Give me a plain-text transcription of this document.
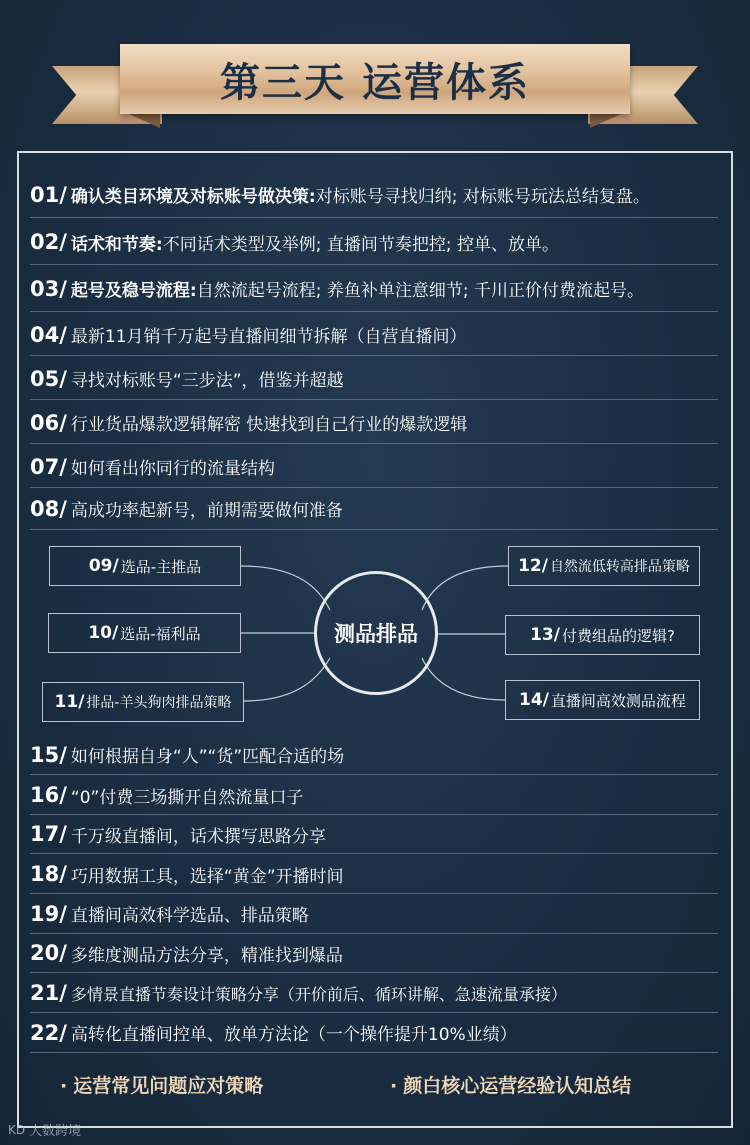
第三天 运营体系
01/ 确认类目环境及对标账号做决策: 对标账号寻找归纳; 对标账号玩法总结复盘。
02/ 话术和节奏: 不同话术类型及举例; 直播间节奏把控; 控单、放单。
03/ 起号及稳号流程: 自然流起号流程; 养鱼补单注意细节; 千川正价付费流起号。
04/ 最新11月销千万起号直播间细节拆解（自营直播间）
05/ 寻找对标账号“三步法”，借鉴并超越
06/ 行业货品爆款逻辑解密 快速找到自己行业的爆款逻辑
07/ 如何看出你同行的流量结构
08/ 高成功率起新号，前期需要做何准备
09/ 选品-主推品
10/ 选品-福利品
11/ 排品-羊头狗肉排品策略
测品排品
12/ 自然流低转高排品策略
13/ 付费组品的逻辑?
14/ 直播间高效测品流程
15/ 如何根据自身“人”“货”匹配合适的场
16/ “0”付费三场撕开自然流量口子
17/ 千万级直播间，话术撰写思路分享
18/ 巧用数据工具，选择“黄金”开播时间
19/ 直播间高效科学选品、排品策略
20/ 多维度测品方法分享，精准找到爆品
21/ 多情景直播节奏设计策略分享（开价前后、循环讲解、急速流量承接）
22/ 高转化直播间控单、放单方法论（一个操作提升10%业绩）
· 运营常见问题应对策略	· 颜白核心运营经验认知总结
KD 大数跨境
